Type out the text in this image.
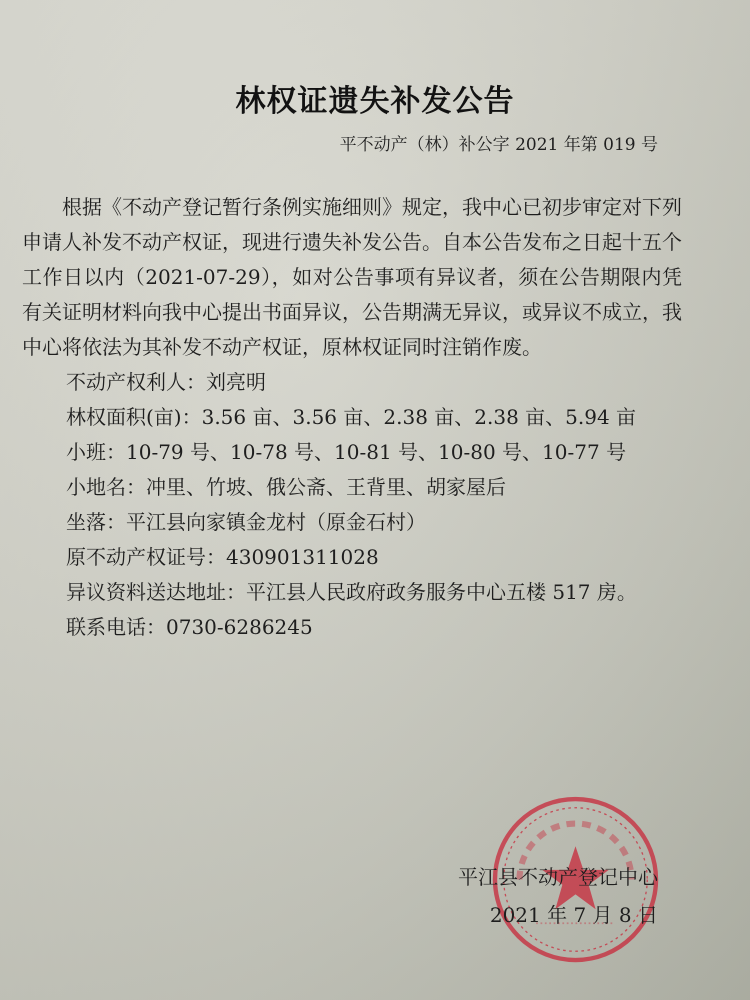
林权证遗失补发公告
平不动产（林）补公字 2021 年第 019 号

根据《不动产登记暂行条例实施细则》规定，我中心已初步审定对下列申请人补发不动产权证，现进行遗失补发公告。自本公告发布之日起十五个工作日以内（2021-07-29），如对公告事项有异议者，须在公告期限内凭有关证明材料向我中心提出书面异议，公告期满无异议，或异议不成立，我中心将依法为其补发不动产权证，原林权证同时注销作废。

不动产权利人：刘亮明

林权面积(亩)：3.56 亩、3.56 亩、2.38 亩、2.38 亩、5.94 亩

小班：10-79 号、10-78 号、10-81 号、10-80 号、10-77 号

小地名：冲里、竹坡、俄公斋、王背里、胡家屋后

坐落：平江县向家镇金龙村（原金石村）

原不动产权证号：430901311028

异议资料送达地址：平江县人民政府政务服务中心五楼 517 房。

联系电话：0730-6286245

平江县不动产登记中心
2021 年 7 月 8 日
